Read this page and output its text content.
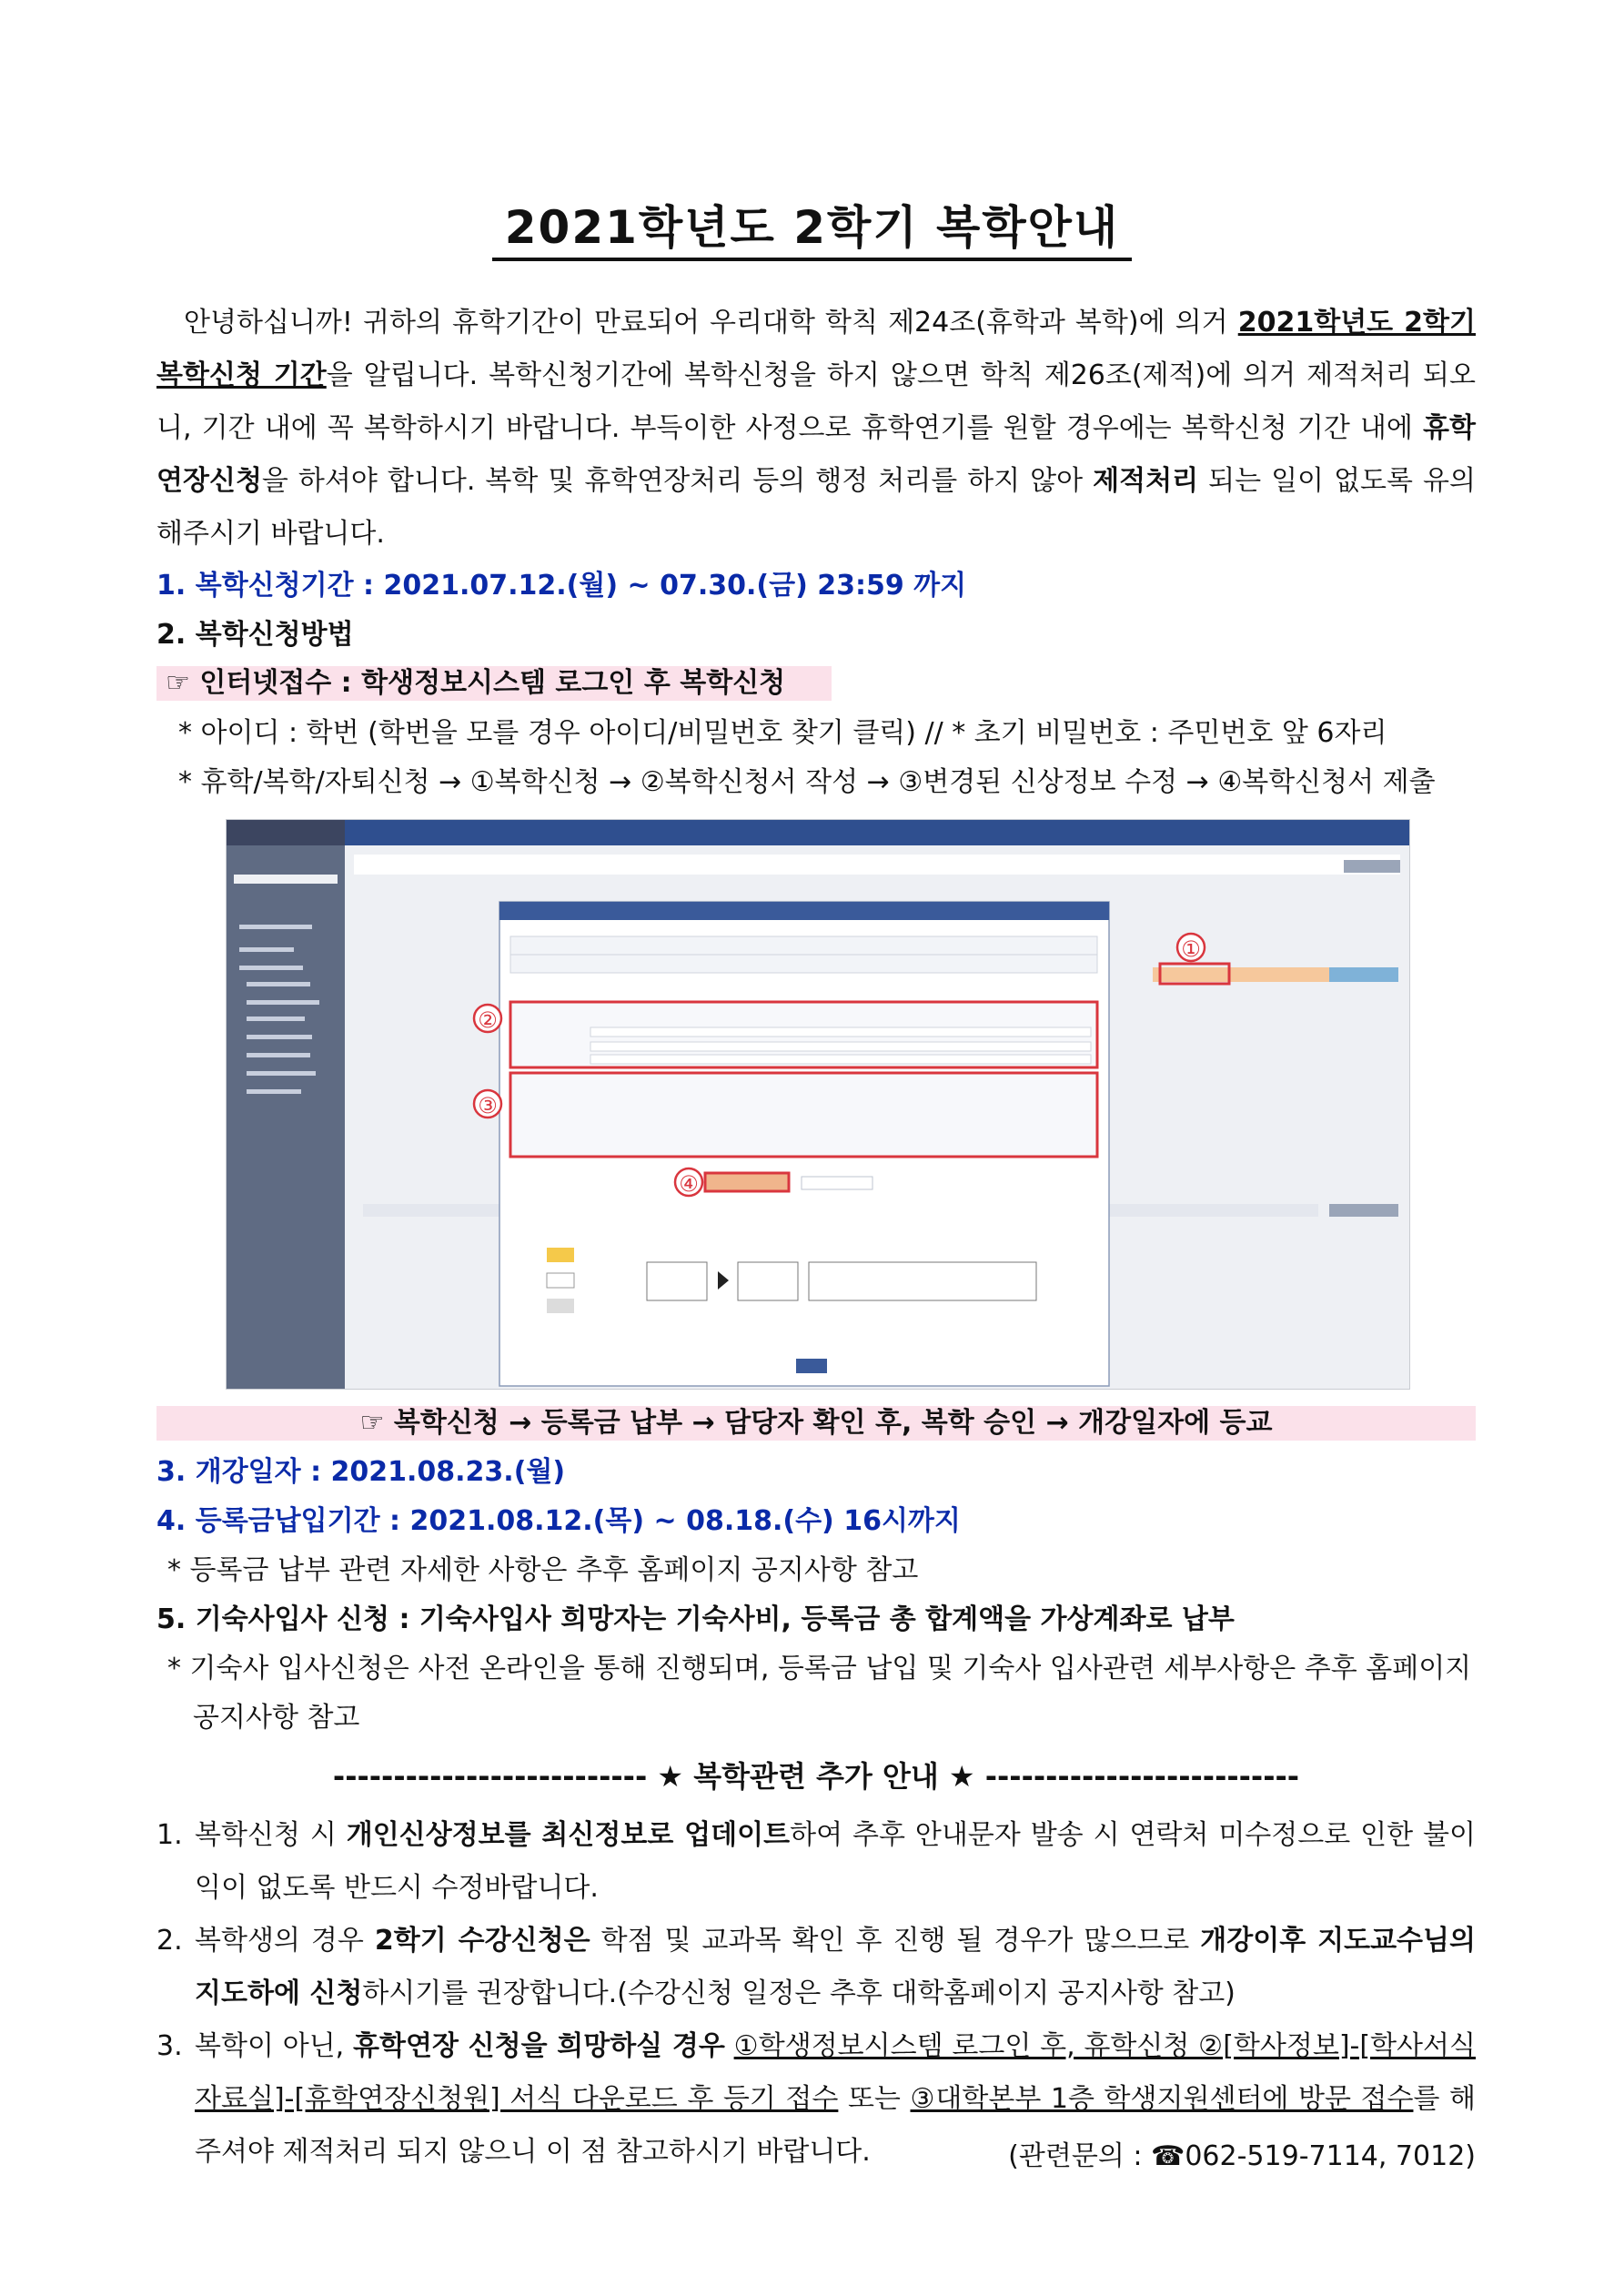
2021학년도 2학기 복학안내
안녕하십니까! 귀하의 휴학기간이 만료되어 우리대학 학칙 제24조(휴학과 복학)에 의거 2021학년도 2학기 복학신청 기간을 알립니다. 복학신청기간에 복학신청을 하지 않으면 학칙 제26조(제적)에 의거 제적처리 되오니, 기간 내에 꼭 복학하시기 바랍니다. 부득이한 사정으로 휴학연기를 원할 경우에는 복학신청 기간 내에 휴학연장신청을 하셔야 합니다. 복학 및 휴학연장처리 등의 행정 처리를 하지 않아 제적처리 되는 일이 없도록 유의해주시기 바랍니다.
1. 복학신청기간 : 2021.07.12.(월) ~ 07.30.(금) 23:59 까지
2. 복학신청방법
☞ 인터넷접수 : 학생정보시스템 로그인 후 복학신청
* 아이디 : 학번 (학번을 모를 경우 아이디/비밀번호 찾기 클릭) // * 초기 비밀번호 : 주민번호 앞 6자리
* 휴학/복학/자퇴신청 → ①복학신청 → ②복학신청서 작성 → ③변경된 신상정보 수정 → ④복학신청서 제출
①
②
③
④
☞ 복학신청 → 등록금 납부 → 담당자 확인 후, 복학 승인 → 개강일자에 등교
3. 개강일자 : 2021.08.23.(월)
4. 등록금납입기간 : 2021.08.12.(목) ~ 08.18.(수) 16시까지
* 등록금 납부 관련 자세한 사항은 추후 홈페이지 공지사항 참고
5. 기숙사입사 신청 : 기숙사입사 희망자는 기숙사비, 등록금 총 합계액을 가상계좌로 납부
* 기숙사 입사신청은 사전 온라인을 통해 진행되며, 등록금 납입 및 기숙사 입사관련 세부사항은 추후 홈페이지
공지사항 참고
-------------------------- ★ 복학관련 추가 안내 ★ --------------------------
1. 복학신청 시 개인신상정보를 최신정보로 업데이트하여 추후 안내문자 발송 시 연락처 미수정으로 인한 불이익이 없도록 반드시 수정바랍니다.
2. 복학생의 경우 2학기 수강신청은 학점 및 교과목 확인 후 진행 될 경우가 많으므로 개강이후 지도교수님의 지도하에 신청하시기를 권장합니다.(수강신청 일정은 추후 대학홈페이지 공지사항 참고)
3. 복학이 아닌, 휴학연장 신청을 희망하실 경우 ①학생정보시스템 로그인 후, 휴학신청 ②[학사정보]-[학사서식자료실]-[휴학연장신청원] 서식 다운로드 후 등기 접수 또는 ③대학본부 1층 학생지원센터에 방문 접수를 해주셔야 제적처리 되지 않으니 이 점 참고하시기 바랍니다.	(관련문의 : ☎062-519-7114, 7012)
